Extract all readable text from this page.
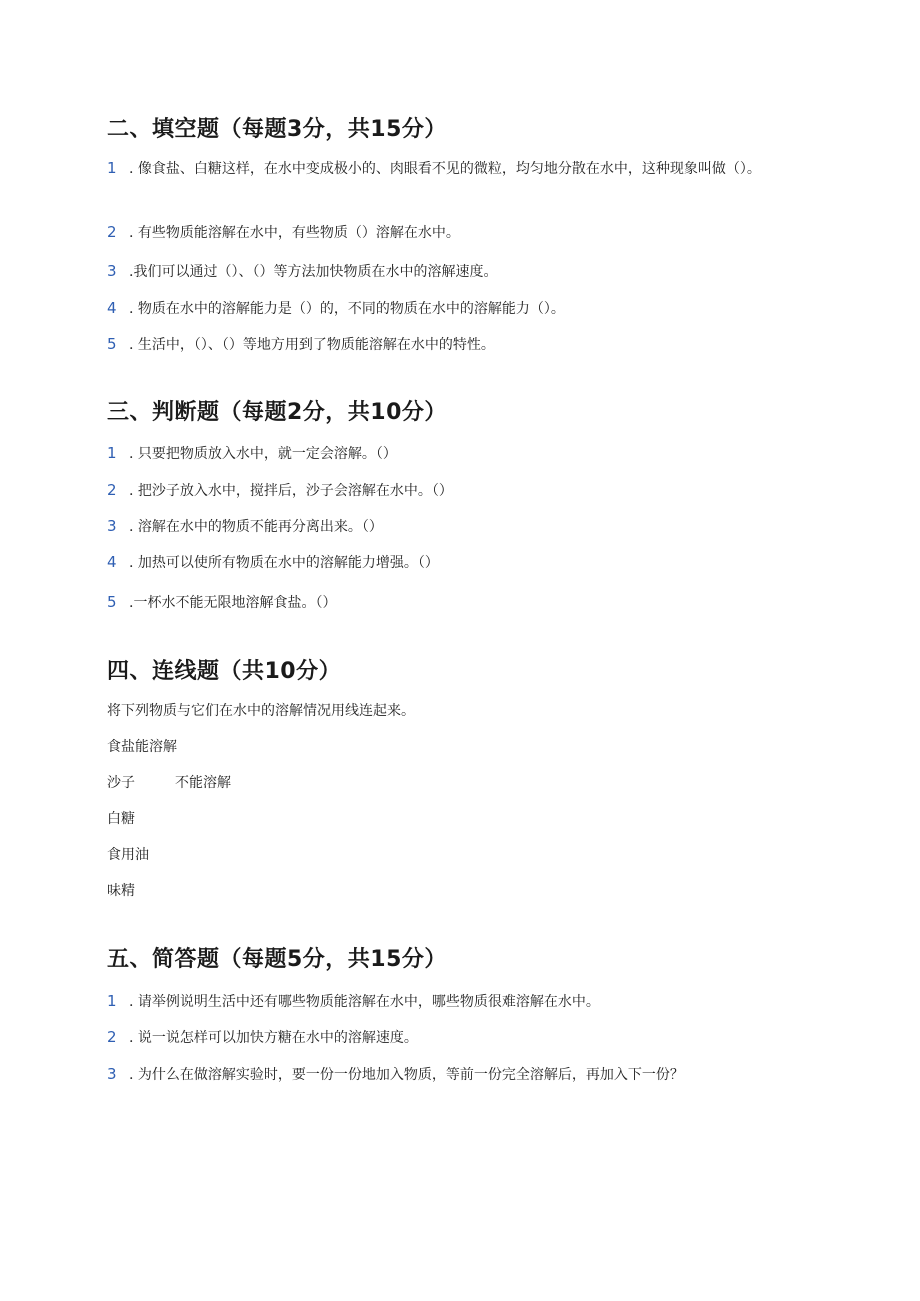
二、填空题（每题3分，共15分）
1 . 像食盐、白糖这样，在水中变成极小的、肉眼看不见的微粒，均匀地分散在水中，这种现象叫做（）。
2 . 有些物质能溶解在水中，有些物质（）溶解在水中。
3 .我们可以通过（）、（）等方法加快物质在水中的溶解速度。
4 . 物质在水中的溶解能力是（）的，不同的物质在水中的溶解能力（）。
5 . 生活中，（）、（）等地方用到了物质能溶解在水中的特性。
三、判断题（每题2分，共10分）
1 . 只要把物质放入水中，就一定会溶解。（）
2 . 把沙子放入水中，搅拌后，沙子会溶解在水中。（）
3 . 溶解在水中的物质不能再分离出来。（）
4 . 加热可以使所有物质在水中的溶解能力增强。（）
5 .一杯水不能无限地溶解食盐。（）
四、连线题（共10分）
将下列物质与它们在水中的溶解情况用线连起来。
食盐能溶解
沙子	不能溶解
白糖
食用油
味精
五、简答题（每题5分，共15分）
1 . 请举例说明生活中还有哪些物质能溶解在水中，哪些物质很难溶解在水中。
2 . 说一说怎样可以加快方糖在水中的溶解速度。
3 . 为什么在做溶解实验时，要一份一份地加入物质，等前一份完全溶解后，再加入下一份？
